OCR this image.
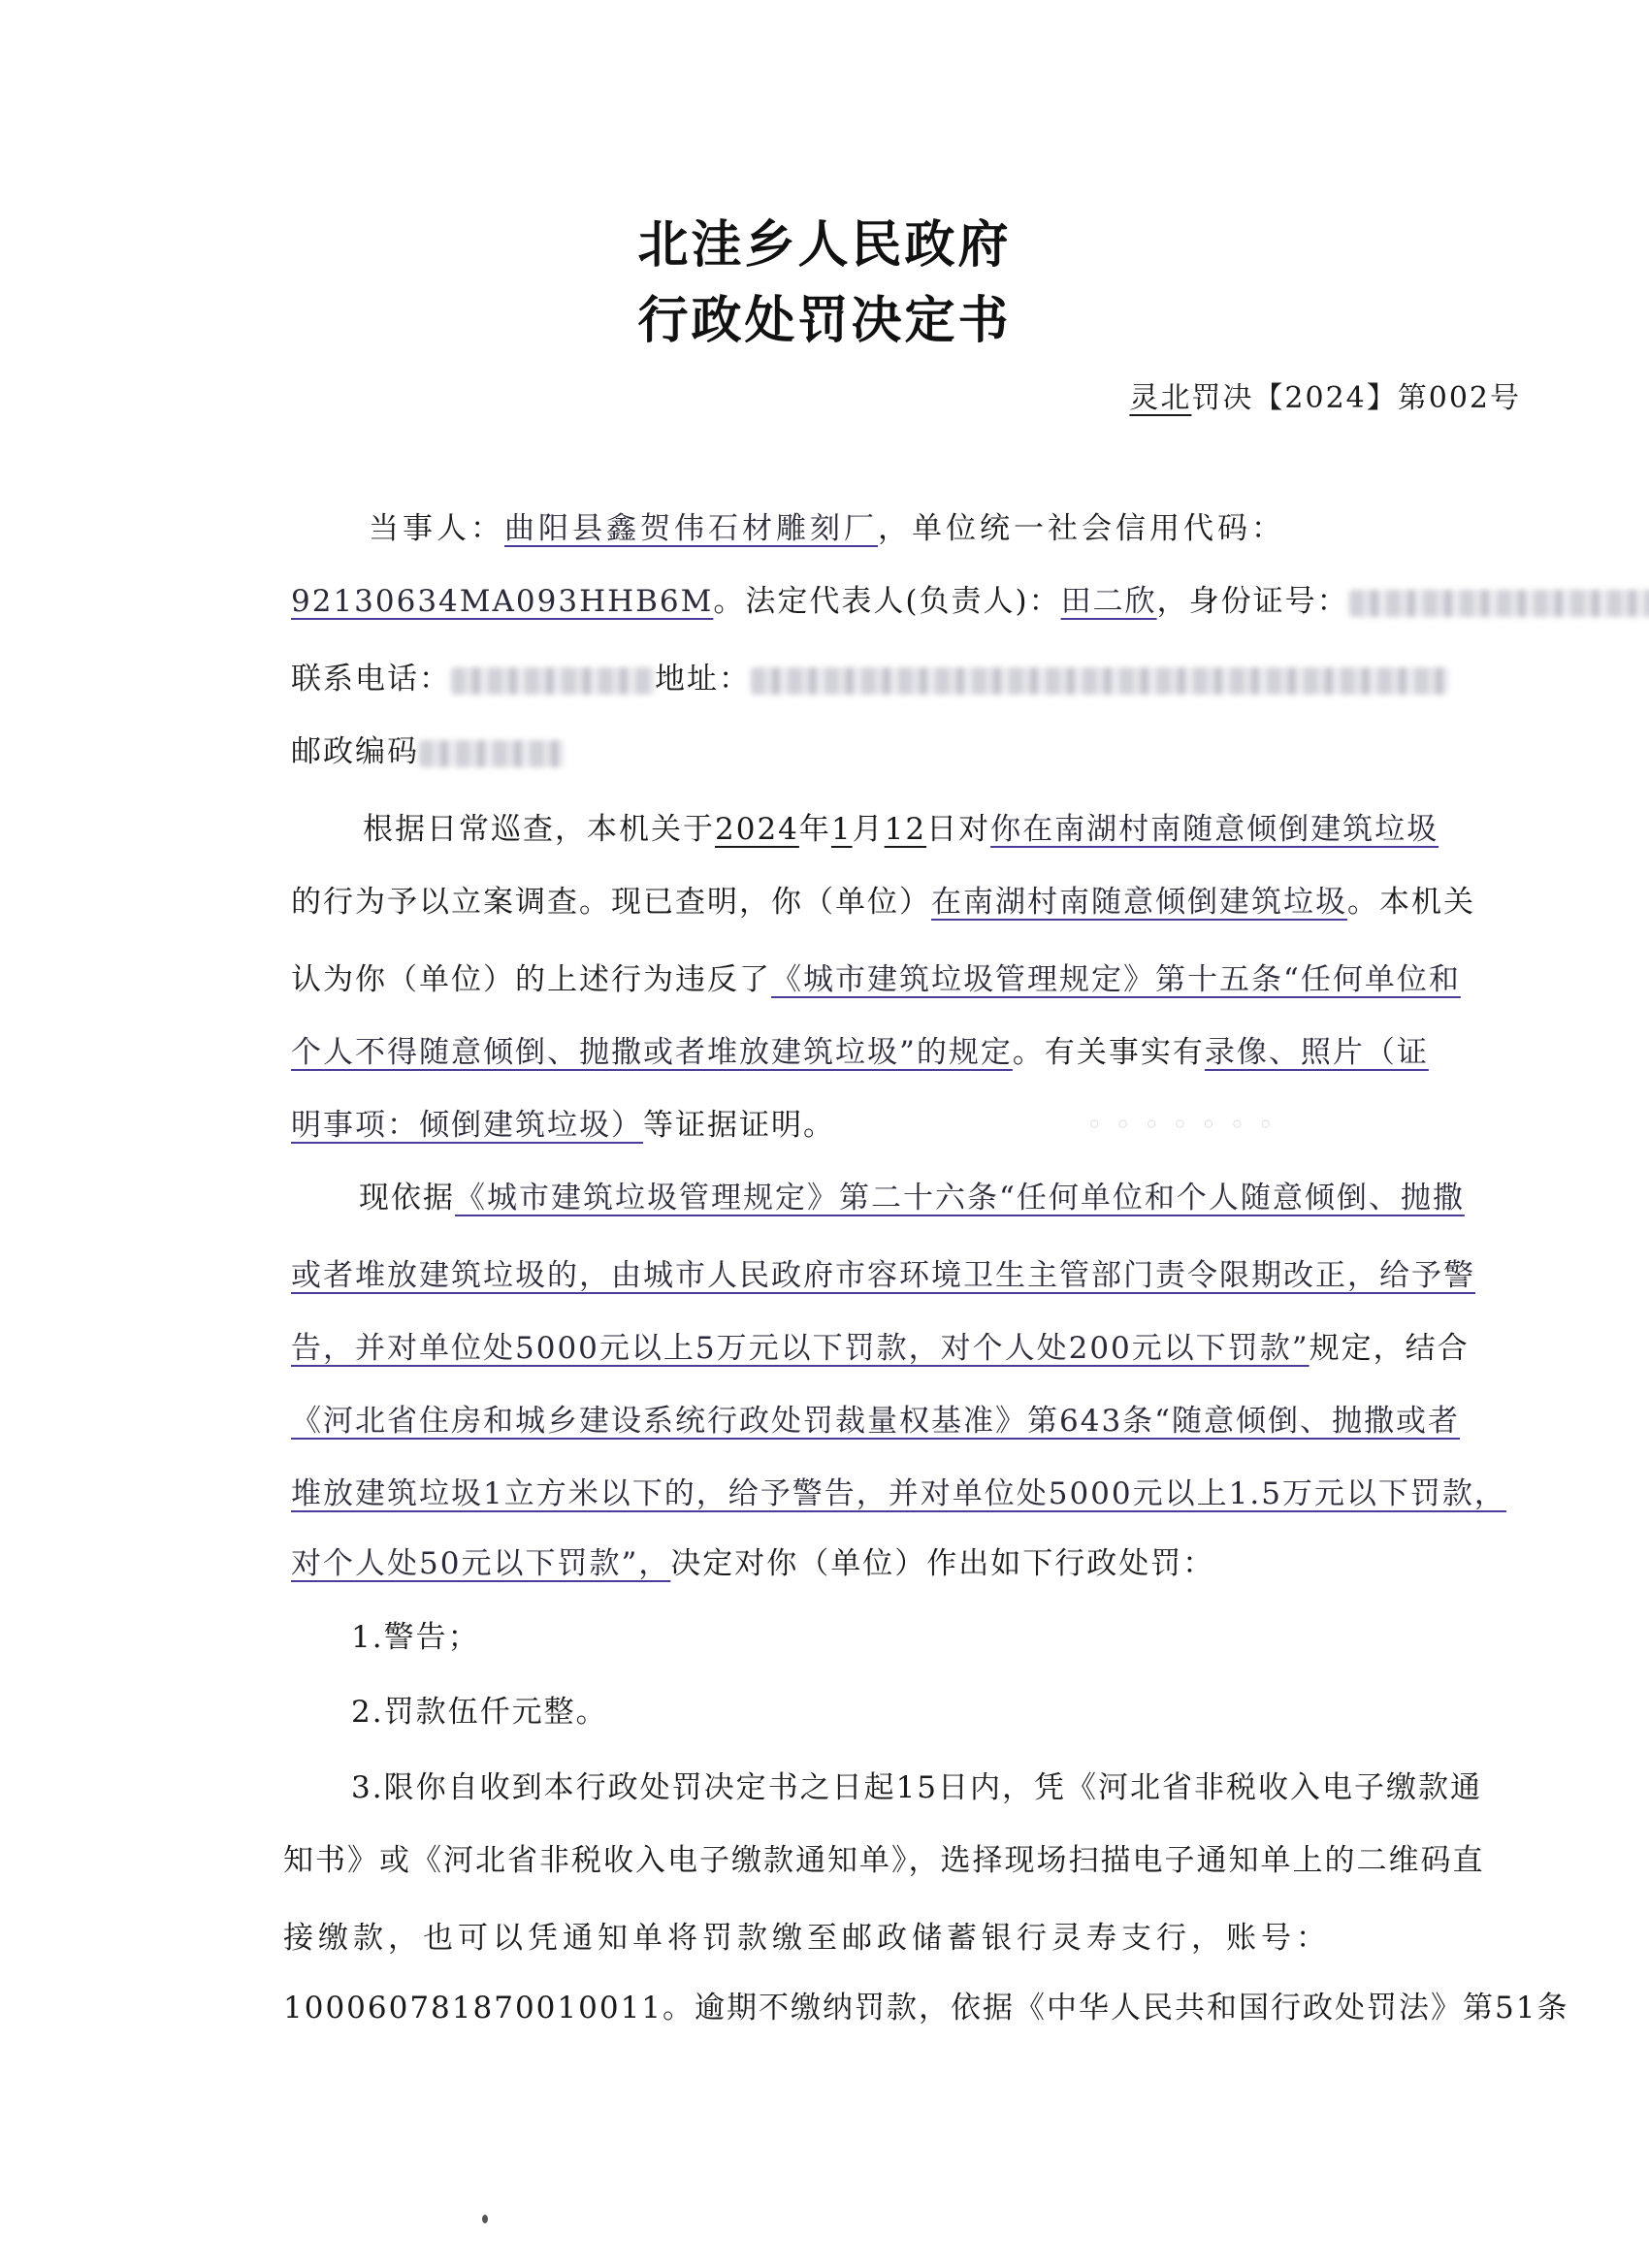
◦ ◦ ◦ ◦ ◦ ◦ ◦
北洼乡人民政府
行政处罚决定书
灵北罚决【2024】第002号
当事人：曲阳县鑫贺伟石材雕刻厂，单位统一社会信用代码：
92130634MA093HHB6M。法定代表人(负责人)：田二欣，身份证号：
联系电话：	地址：
邮政编码
根据日常巡查，本机关于2024年1月12日对你在南湖村南随意倾倒建筑垃圾
的行为予以立案调查。现已查明，你（单位）在南湖村南随意倾倒建筑垃圾。本机关
认为你（单位）的上述行为违反了《城市建筑垃圾管理规定》第十五条“任何单位和
个人不得随意倾倒、抛撒或者堆放建筑垃圾”的规定。有关事实有录像、照片（证
明事项：倾倒建筑垃圾）等证据证明。
现依据《城市建筑垃圾管理规定》第二十六条“任何单位和个人随意倾倒、抛撒
或者堆放建筑垃圾的，由城市人民政府市容环境卫生主管部门责令限期改正，给予警
告，并对单位处5000元以上5万元以下罚款，对个人处200元以下罚款”规定，结合
《河北省住房和城乡建设系统行政处罚裁量权基准》第643条“随意倾倒、抛撒或者
堆放建筑垃圾1立方米以下的，给予警告，并对单位处5000元以上1.5万元以下罚款，
对个人处50元以下罚款”，决定对你（单位）作出如下行政处罚：
1.警告；
2.罚款伍仟元整。
3.限你自收到本行政处罚决定书之日起15日内，凭《河北省非税收入电子缴款通
知书》或《河北省非税收入电子缴款通知单》，选择现场扫描电子通知单上的二维码直
接缴款，也可以凭通知单将罚款缴至邮政储蓄银行灵寿支行，账号：
100060781870010011。逾期不缴纳罚款，依据《中华人民共和国行政处罚法》第51条
